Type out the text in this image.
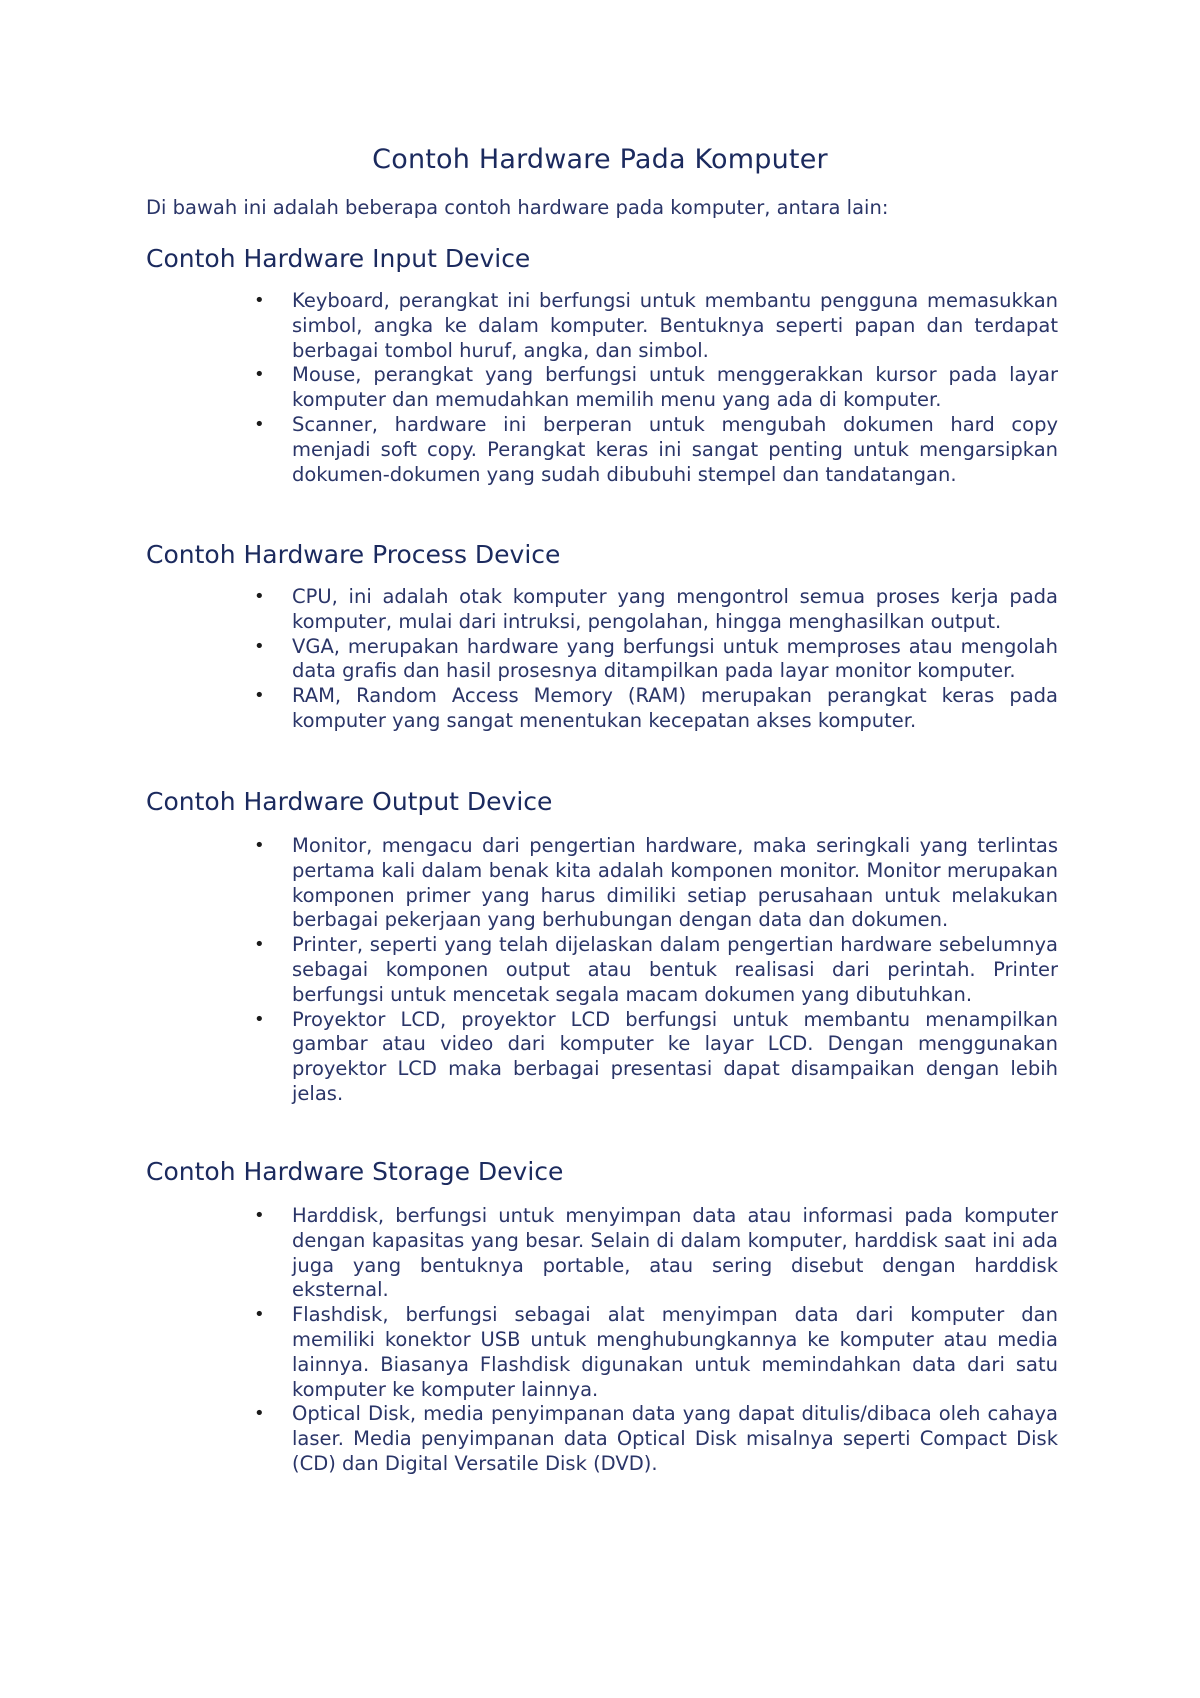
Contoh Hardware Pada Komputer

Di bawah ini adalah beberapa contoh hardware pada komputer, antara lain:

Contoh Hardware Input Device
• Keyboard, perangkat ini berfungsi untuk membantu pengguna memasukkan simbol, angka ke dalam komputer. Bentuknya seperti papan dan terdapat berbagai tombol huruf, angka, dan simbol.
• Mouse, perangkat yang berfungsi untuk menggerakkan kursor pada layar komputer dan memudahkan memilih menu yang ada di komputer.
• Scanner, hardware ini berperan untuk mengubah dokumen hard copy menjadi soft copy. Perangkat keras ini sangat penting untuk mengarsipkan dokumen-dokumen yang sudah dibubuhi stempel dan tandatangan.
Contoh Hardware Process Device
• CPU, ini adalah otak komputer yang mengontrol semua proses kerja pada komputer, mulai dari intruksi, pengolahan, hingga menghasilkan output.
• VGA, merupakan hardware yang berfungsi untuk memproses atau mengolah data grafis dan hasil prosesnya ditampilkan pada layar monitor komputer.
• RAM, Random Access Memory (RAM) merupakan perangkat keras pada komputer yang sangat menentukan kecepatan akses komputer.
Contoh Hardware Output Device
• Monitor, mengacu dari pengertian hardware, maka seringkali yang terlintas pertama kali dalam benak kita adalah komponen monitor. Monitor merupakan komponen primer yang harus dimiliki setiap perusahaan untuk melakukan berbagai pekerjaan yang berhubungan dengan data dan dokumen.
• Printer, seperti yang telah dijelaskan dalam pengertian hardware sebelumnya sebagai komponen output atau bentuk realisasi dari perintah. Printer berfungsi untuk mencetak segala macam dokumen yang dibutuhkan.
• Proyektor LCD, proyektor LCD berfungsi untuk membantu menampilkan gambar atau video dari komputer ke layar LCD. Dengan menggunakan proyektor LCD maka berbagai presentasi dapat disampaikan dengan lebih jelas.
Contoh Hardware Storage Device
• Harddisk, berfungsi untuk menyimpan data atau informasi pada komputer dengan kapasitas yang besar. Selain di dalam komputer, harddisk saat ini ada juga yang bentuknya portable, atau sering disebut dengan harddisk eksternal.
• Flashdisk, berfungsi sebagai alat menyimpan data dari komputer dan memiliki konektor USB untuk menghubungkannya ke komputer atau media lainnya. Biasanya Flashdisk digunakan untuk memindahkan data dari satu komputer ke komputer lainnya.
• Optical Disk, media penyimpanan data yang dapat ditulis/dibaca oleh cahaya laser. Media penyimpanan data Optical Disk misalnya seperti Compact Disk (CD) dan Digital Versatile Disk (DVD).
